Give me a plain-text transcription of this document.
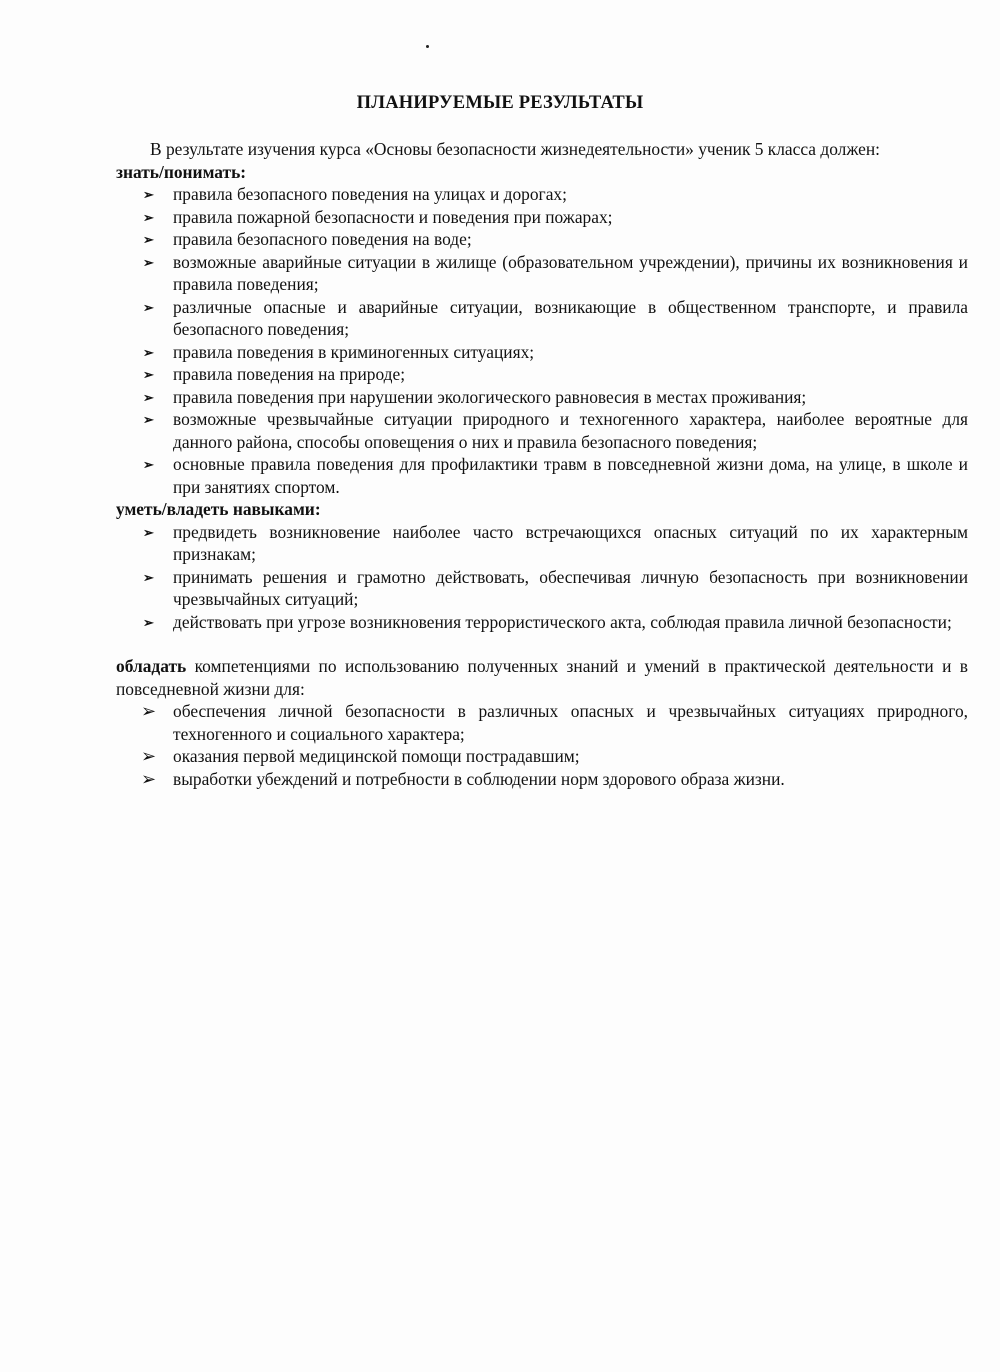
ПЛАНИРУЕМЫЕ РЕЗУЛЬТАТЫ

В результате изучения курса «Основы безопасности жизнедеятельности» ученик 5 класса должен:

знать/понимать:

➢ правила безопасного поведения на улицах и дорогах;
➢ правила пожарной безопасности и поведения при пожарах;
➢ правила безопасного поведения на воде;
➢ возможные аварийные ситуации в жилище (образовательном учреждении), причины их возникновения и правила поведения;
➢ различные опасные и аварийные ситуации, возникающие в общественном транспорте, и правила безопасного поведения;
➢ правила поведения в криминогенных ситуациях;
➢ правила поведения на природе;
➢ правила поведения при нарушении экологического равновесия в местах проживания;
➢ возможные чрезвычайные ситуации природного и техногенного характера, наиболее вероятные для данного района, способы оповещения о них и правила безопасного поведения;
➢ основные правила поведения для профилактики травм в повседневной жизни дома, на улице, в школе и при занятиях спортом.

уметь/владеть навыками:

➢ предвидеть возникновение наиболее часто встречающихся опасных ситуаций по их характерным признакам;
➢ принимать решения и грамотно действовать, обеспечивая личную безопасность при возникновении чрезвычайных ситуаций;
➢ действовать при угрозе возникновения террористического акта, соблюдая правила личной безопасности;

обладать компетенциями по использованию полученных знаний и умений в практической деятельности и в повседневной жизни для:

➢ обеспечения личной безопасности в различных опасных и чрезвычайных ситуациях природного, техногенного и социального характера;
➢ оказания первой медицинской помощи пострадавшим;
➢ выработки убеждений и потребности в соблюдении норм здорового образа жизни.
